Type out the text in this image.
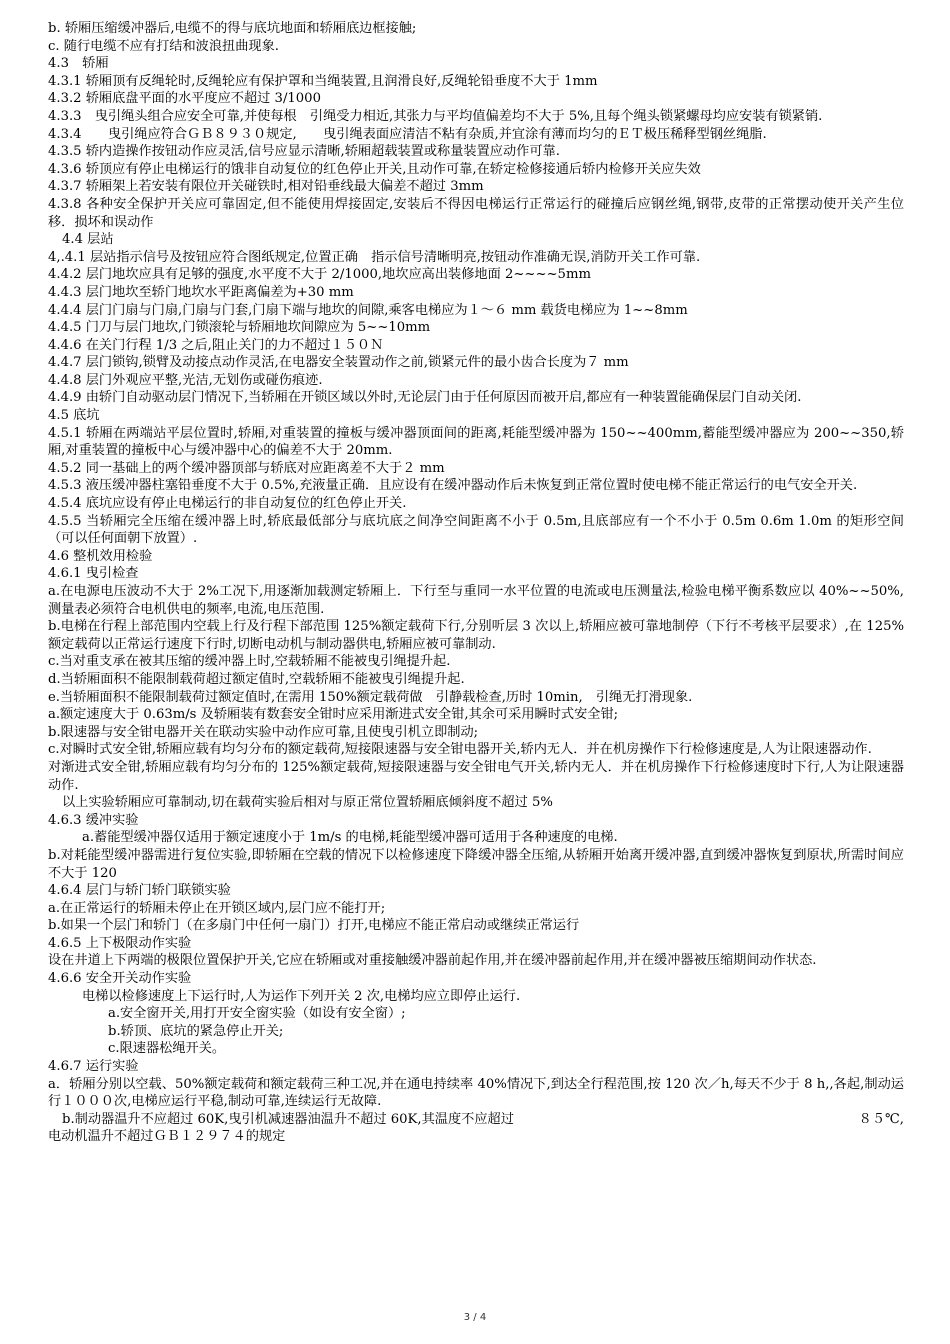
b. 轿厢压缩缓冲器后,电缆不的得与底坑地面和轿厢底边框接触;

c. 随行电缆不应有打结和波浪扭曲现象.

4.3　轿厢

4.3.1 轿厢顶有反绳轮时,反绳轮应有保护罩和当绳装置,且润滑良好,反绳轮铅垂度不大于 1mm

4.3.2 轿厢底盘平面的水平度应不超过 3/1000

4.3.3　曳引绳头组合应安全可靠,并使每根　引绳受力相近,其张力与平均值偏差均不大于 5%,且每个绳头锁紧螺母均应安装有锁紧销.

4.3.4　　曳引绳应符合ＧＢ８９３０规定,　　曳引绳表面应清洁不粘有杂质,并宜涂有薄而均匀的ＥＴ极压稀释型钢丝绳脂.

4.3.5 轿内造操作按钮动作应灵活,信号应显示清晰,轿厢超载装置或称量装置应动作可靠.

4.3.6 轿顶应有停止电梯运行的饿非自动复位的红色停止开关,且动作可靠,在轿定检修接通后轿内检修开关应失效

4.3.7 轿厢架上若安装有限位开关碰铁时,相对铅垂线最大偏差不超过 3mm

4.3.8 各种安全保护开关应可靠固定,但不能使用焊接固定,安装后不得因电梯运行正常运行的碰撞后应钢丝绳,钢带,皮带的正常摆动使开关产生位移．损坏和误动作

4.4 层站

4,.4.1 层站指示信号及按钮应符合图纸规定,位置正确　指示信号清晰明亮,按钮动作准确无误,消防开关工作可靠.

4.4.2 层门地坎应具有足够的强度,水平度不大于 2/1000,地坎应高出装修地面 2~~~~5mm

4.4.3 层门地坎至轿门地坎水平距离偏差为+30 mm

4.4.4 层门门扇与门扇,门扇与门套,门扇下端与地坎的间隙,乘客电梯应为１～６ mm 载货电梯应为 1~~8mm

4.4.5 门刀与层门地坎,门锁滚轮与轿厢地坎间隙应为 5~~10mm

4.4.6 在关门行程 1/3 之后,阻止关门的力不超过１５０Ｎ

4.4.7 层门锁钩,锁臂及动接点动作灵活,在电器安全装置动作之前,锁紧元件的最小齿合长度为７ mm

4.4.8 层门外观应平整,光洁,无划伤或碰伤痕迹.

4.4.9 由轿门自动驱动层门情况下,当轿厢在开锁区域以外时,无论层门由于任何原因而被开启,都应有一种装置能确保层门自动关闭.

4.5 底坑

4.5.1 轿厢在两端站平层位置时,轿厢,对重装置的撞板与缓冲器顶面间的距离,耗能型缓冲器为 150~~400mm,蓄能型缓冲器应为 200~~350,轿厢,对重装置的撞板中心与缓冲器中心的偏差不大于 20mm.

4.5.2 同一基础上的两个缓冲器顶部与轿底对应距离差不大于２ mm

4.5.3 液压缓冲器柱塞铅垂度不大于 0.5%,充液量正确．且应设有在缓冲器动作后未恢复到正常位置时使电梯不能正常运行的电气安全开关.

4.5.4 底坑应设有停止电梯运行的非自动复位的红色停止开关.

4.5.5 当轿厢完全压缩在缓冲器上时,轿底最低部分与底坑底之间净空间距离不小于 0.5m,且底部应有一个不小于 0.5m 0.6m 1.0m 的矩形空间（可以任何面朝下放置）.

4.6 整机效用检验

4.6.1 曳引检查

a.在电源电压波动不大于 2%工况下,用逐渐加载测定轿厢上．下行至与重同一水平位置的电流或电压测量法,检验电梯平衡系数应以 40%~~50%,测量表必须符合电机供电的频率,电流,电压范围.

b.电梯在行程上部范围内空载上行及行程下部范围 125%额定载荷下行,分别听层 3 次以上,轿厢应被可靠地制停（下行不考核平层要求）,在 125%额定载荷以正常运行速度下行时,切断电动机与制动器供电,轿厢应被可靠制动.

c.当对重支承在被其压缩的缓冲器上时,空载轿厢不能被曳引绳提升起.

d.当轿厢面积不能限制载荷超过额定值时,空载轿厢不能被曳引绳提升起.

e.当轿厢面积不能限制载荷过额定值时,在需用 150%额定载荷做　引静载检查,历时 10min,　引绳无打滑现象.

a.额定速度大于 0.63m/s 及轿厢装有数套安全钳时应采用渐进式安全钳,其余可采用瞬时式安全钳;

b.限速器与安全钳电器开关在联动实验中动作应可靠,且使曳引机立即制动;

c.对瞬时式安全钳,轿厢应载有均匀分布的额定载荷,短接限速器与安全钳电器开关,轿内无人．并在机房操作下行检修速度是,人为让限速器动作.

对渐进式安全钳,轿厢应载有均匀分布的 125%额定载荷,短接限速器与安全钳电气开关,轿内无人．并在机房操作下行检修速度时下行,人为让限速器动作.

以上实验轿厢应可靠制动,切在载荷实验后相对与原正常位置轿厢底倾斜度不超过 5%

4.6.3 缓冲实验

a.蓄能型缓冲器仅适用于额定速度小于 1m/s 的电梯,耗能型缓冲器可适用于各种速度的电梯.

b.对耗能型缓冲器需进行复位实验,即轿厢在空载的情况下以检修速度下降缓冲器全压缩,从轿厢开始离开缓冲器,直到缓冲器恢复到原状,所需时间应不大于 120

4.6.4 层门与轿门轿门联锁实验

a.在正常运行的轿厢未停止在开锁区域内,层门应不能打开;

b.如果一个层门和轿门（在多扇门中任何一扇门）打开,电梯应不能正常启动或继续正常运行

4.6.5 上下极限动作实验

设在井道上下两端的极限位置保护开关,它应在轿厢或对重接触缓冲器前起作用,并在缓冲器前起作用,并在缓冲器被压缩期间动作状态.

4.6.6 安全开关动作实验

电梯以检修速度上下运行时,人为运作下列开关 2 次,电梯均应立即停止运行.

a.安全窗开关,用打开安全窗实验（如设有安全窗）;

b.轿顶、底坑的紧急停止开关;

c.限速器松绳开关。

4.6.7 运行实验

a．轿厢分别以空载、50%额定载荷和额定载荷三种工况,并在通电持续率 40%情况下,到达全行程范围,按 120 次／h,每天不少于 8 h,,各起,制动运行１０００次,电梯应运行平稳,制动可靠,连续运行无故障.

b.制动器温升不应超过 60K,曳引机减速器油温升不超过 60K,其温度不应超过	８５℃,

电动机温升不超过ＧＢ１２９７４的规定

3 / 4
